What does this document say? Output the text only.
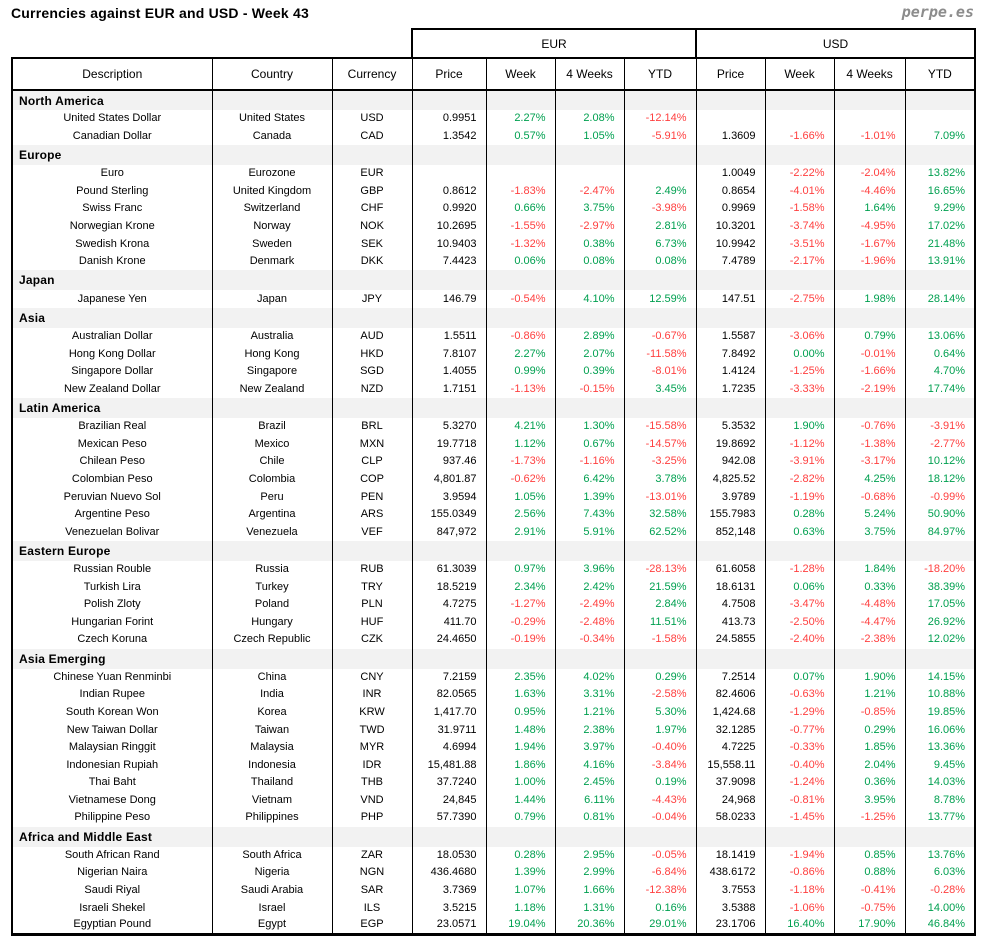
Currencies against EUR and USD - Week 43	perpe.es
			EUR				USD			
Description	Country	Currency	Price	Week	4 Weeks	YTD	Price	Week	4 Weeks	YTD
North America										
United States Dollar	United States	USD	0.9951	2.27%	2.08%	-12.14%				
Canadian Dollar	Canada	CAD	1.3542	0.57%	1.05%	-5.91%	1.3609	-1.66%	-1.01%	7.09%
Europe										
Euro	Eurozone	EUR					1.0049	-2.22%	-2.04%	13.82%
Pound Sterling	United Kingdom	GBP	0.8612	-1.83%	-2.47%	2.49%	0.8654	-4.01%	-4.46%	16.65%
Swiss Franc	Switzerland	CHF	0.9920	0.66%	3.75%	-3.98%	0.9969	-1.58%	1.64%	9.29%
Norwegian Krone	Norway	NOK	10.2695	-1.55%	-2.97%	2.81%	10.3201	-3.74%	-4.95%	17.02%
Swedish Krona	Sweden	SEK	10.9403	-1.32%	0.38%	6.73%	10.9942	-3.51%	-1.67%	21.48%
Danish Krone	Denmark	DKK	7.4423	0.06%	0.08%	0.08%	7.4789	-2.17%	-1.96%	13.91%
Japan										
Japanese Yen	Japan	JPY	146.79	-0.54%	4.10%	12.59%	147.51	-2.75%	1.98%	28.14%
Asia										
Australian Dollar	Australia	AUD	1.5511	-0.86%	2.89%	-0.67%	1.5587	-3.06%	0.79%	13.06%
Hong Kong Dollar	Hong Kong	HKD	7.8107	2.27%	2.07%	-11.58%	7.8492	0.00%	-0.01%	0.64%
Singapore Dollar	Singapore	SGD	1.4055	0.99%	0.39%	-8.01%	1.4124	-1.25%	-1.66%	4.70%
New Zealand Dollar	New Zealand	NZD	1.7151	-1.13%	-0.15%	3.45%	1.7235	-3.33%	-2.19%	17.74%
Latin America										
Brazilian Real	Brazil	BRL	5.3270	4.21%	1.30%	-15.58%	5.3532	1.90%	-0.76%	-3.91%
Mexican Peso	Mexico	MXN	19.7718	1.12%	0.67%	-14.57%	19.8692	-1.12%	-1.38%	-2.77%
Chilean Peso	Chile	CLP	937.46	-1.73%	-1.16%	-3.25%	942.08	-3.91%	-3.17%	10.12%
Colombian Peso	Colombia	COP	4,801.87	-0.62%	6.42%	3.78%	4,825.52	-2.82%	4.25%	18.12%
Peruvian Nuevo Sol	Peru	PEN	3.9594	1.05%	1.39%	-13.01%	3.9789	-1.19%	-0.68%	-0.99%
Argentine Peso	Argentina	ARS	155.0349	2.56%	7.43%	32.58%	155.7983	0.28%	5.24%	50.90%
Venezuelan Bolivar	Venezuela	VEF	847,972	2.91%	5.91%	62.52%	852,148	0.63%	3.75%	84.97%
Eastern Europe										
Russian Rouble	Russia	RUB	61.3039	0.97%	3.96%	-28.13%	61.6058	-1.28%	1.84%	-18.20%
Turkish Lira	Turkey	TRY	18.5219	2.34%	2.42%	21.59%	18.6131	0.06%	0.33%	38.39%
Polish Zloty	Poland	PLN	4.7275	-1.27%	-2.49%	2.84%	4.7508	-3.47%	-4.48%	17.05%
Hungarian Forint	Hungary	HUF	411.70	-0.29%	-2.48%	11.51%	413.73	-2.50%	-4.47%	26.92%
Czech Koruna	Czech Republic	CZK	24.4650	-0.19%	-0.34%	-1.58%	24.5855	-2.40%	-2.38%	12.02%
Asia Emerging										
Chinese Yuan Renminbi	China	CNY	7.2159	2.35%	4.02%	0.29%	7.2514	0.07%	1.90%	14.15%
Indian Rupee	India	INR	82.0565	1.63%	3.31%	-2.58%	82.4606	-0.63%	1.21%	10.88%
South Korean Won	Korea	KRW	1,417.70	0.95%	1.21%	5.30%	1,424.68	-1.29%	-0.85%	19.85%
New Taiwan Dollar	Taiwan	TWD	31.9711	1.48%	2.38%	1.97%	32.1285	-0.77%	0.29%	16.06%
Malaysian Ringgit	Malaysia	MYR	4.6994	1.94%	3.97%	-0.40%	4.7225	-0.33%	1.85%	13.36%
Indonesian Rupiah	Indonesia	IDR	15,481.88	1.86%	4.16%	-3.84%	15,558.11	-0.40%	2.04%	9.45%
Thai Baht	Thailand	THB	37.7240	1.00%	2.45%	0.19%	37.9098	-1.24%	0.36%	14.03%
Vietnamese Dong	Vietnam	VND	24,845	1.44%	6.11%	-4.43%	24,968	-0.81%	3.95%	8.78%
Philippine Peso	Philippines	PHP	57.7390	0.79%	0.81%	-0.04%	58.0233	-1.45%	-1.25%	13.77%
Africa and Middle East										
South African Rand	South Africa	ZAR	18.0530	0.28%	2.95%	-0.05%	18.1419	-1.94%	0.85%	13.76%
Nigerian Naira	Nigeria	NGN	436.4680	1.39%	2.99%	-6.84%	438.6172	-0.86%	0.88%	6.03%
Saudi Riyal	Saudi Arabia	SAR	3.7369	1.07%	1.66%	-12.38%	3.7553	-1.18%	-0.41%	-0.28%
Israeli Shekel	Israel	ILS	3.5215	1.18%	1.31%	0.16%	3.5388	-1.06%	-0.75%	14.00%
Egyptian Pound	Egypt	EGP	23.0571	19.04%	20.36%	29.01%	23.1706	16.40%	17.90%	46.84%
